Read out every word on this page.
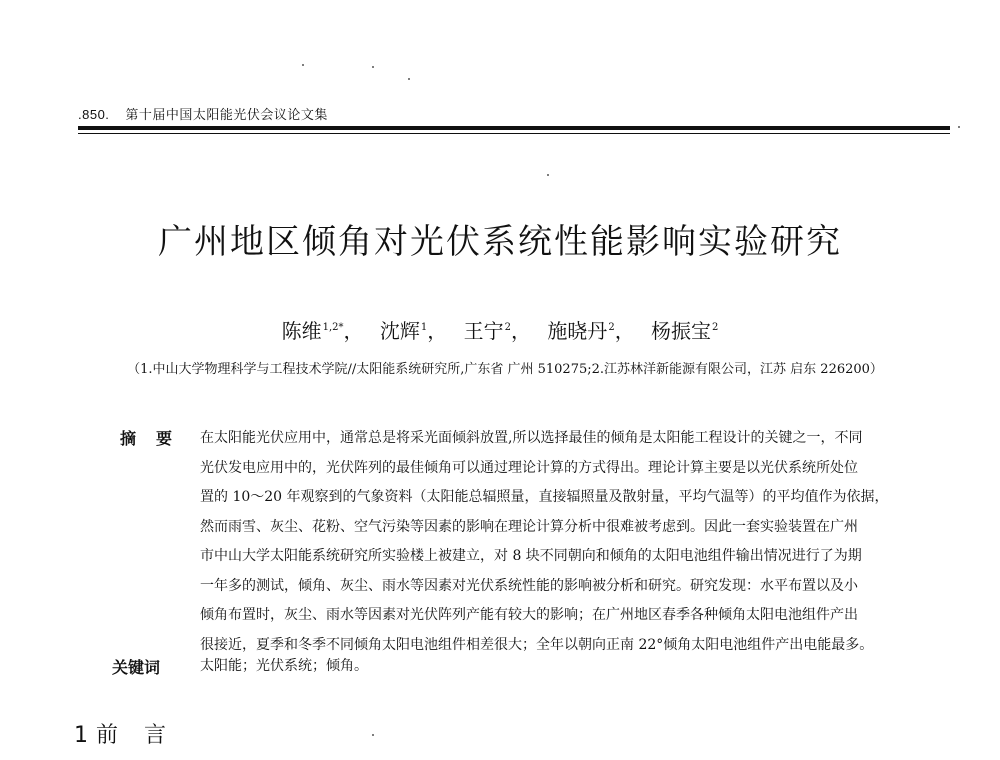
.850. 第十届中国太阳能光伏会议论文集
广州地区倾角对光伏系统性能影响实验研究
陈维$^{1,2*}$， 沈辉$^1$， 王宁$^2$， 施晓丹$^2$， 杨振宝$^2$
（1.中山大学物理科学与工程技术学院//太阳能系统研究所,广东省 广州 510275;2.江苏林洋新能源有限公司，江苏 启东 226200）
摘要 在太阳能光伏应用中，通常总是将采光面倾斜放置,所以选择最佳的倾角是太阳能工程设计的关键之一，不同
光伏发电应用中的，光伏阵列的最佳倾角可以通过理论计算的方式得出。理论计算主要是以光伏系统所处位
置的 10～20 年观察到的气象资料（太阳能总辐照量，直接辐照量及散射量，平均气温等）的平均值作为依据，
然而雨雪、灰尘、花粉、空气污染等因素的影响在理论计算分析中很难被考虑到。因此一套实验装置在广州
市中山大学太阳能系统研究所实验楼上被建立，对 8 块不同朝向和倾角的太阳电池组件输出情况进行了为期
一年多的测试，倾角、灰尘、雨水等因素对光伏系统性能的影响被分析和研究。研究发现：水平布置以及小
倾角布置时，灰尘、雨水等因素对光伏阵列产能有较大的影响；在广州地区春季各种倾角太阳电池组件产出
很接近，夏季和冬季不同倾角太阳电池组件相差很大；全年以朝向正南 22°倾角太阳电池组件产出电能最多。
关键词	太阳能；光伏系统；倾角。
1 前言
